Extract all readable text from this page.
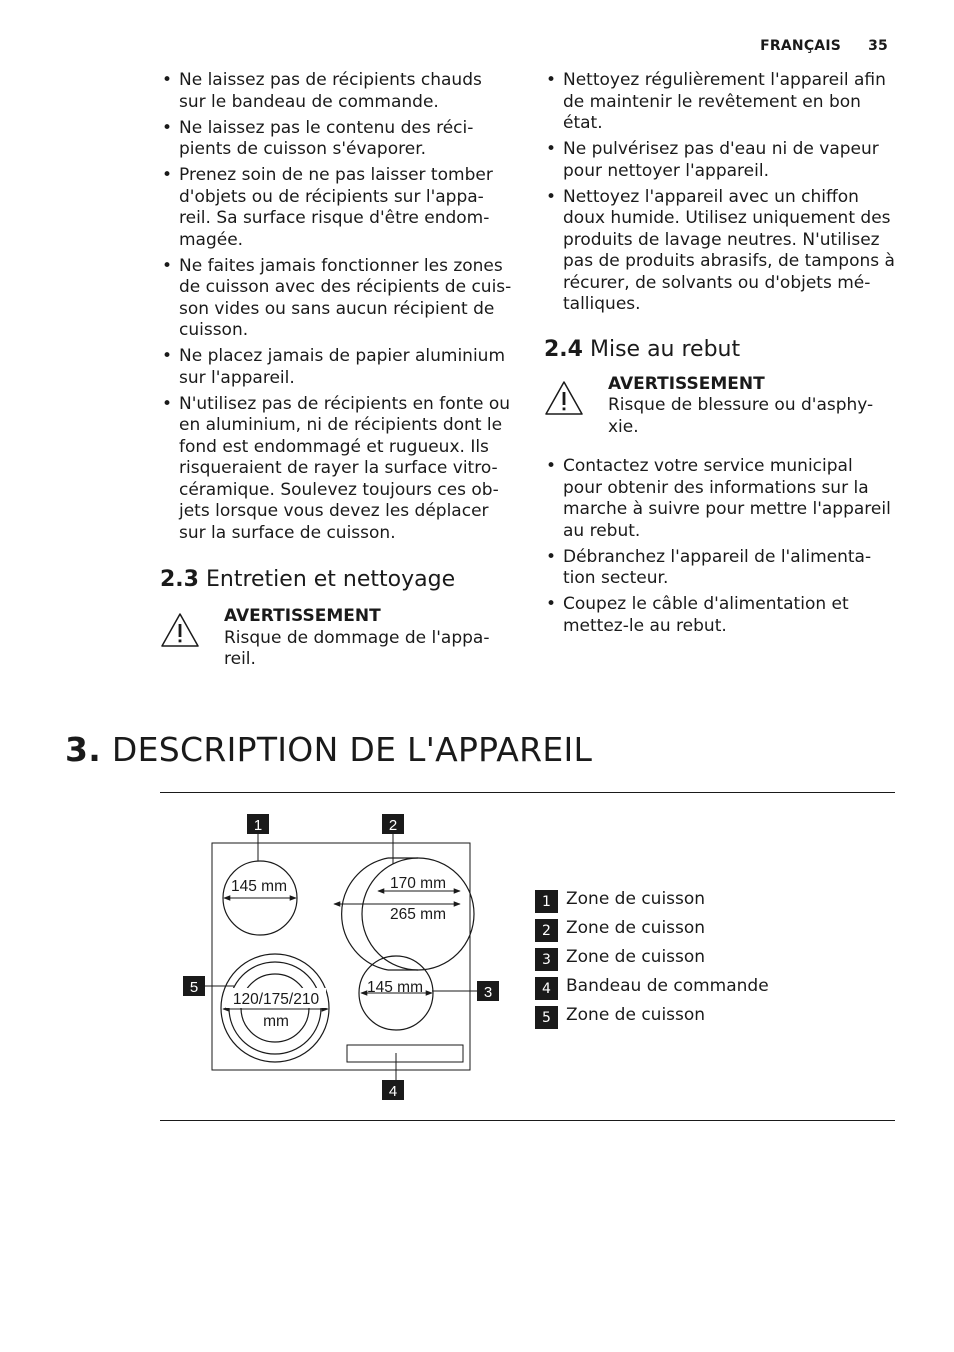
FRANÇAIS 35
• Ne laissez pas de récipients chauds sur le bandeau de commande.
• Ne laissez pas le contenu des réci-pients de cuisson s'évaporer.
• Prenez soin de ne pas laisser tomber d'objets ou de récipients sur l'appa-reil. Sa surface risque d'être endom-magée.
• Ne faites jamais fonctionner les zones de cuisson avec des récipients de cuis-son vides ou sans aucun récipient de cuisson.
• Ne placez jamais de papier aluminium sur l'appareil.
• N'utilisez pas de récipients en fonte ou en aluminium, ni de récipients dont le fond est endommagé et rugueux. Ils risqueraient de rayer la surface vitro-céramique. Soulevez toujours ces ob-jets lorsque vous devez les déplacer sur la surface de cuisson.
2.3 Entretien et nettoyage
AVERTISSEMENT
Risque de dommage de l'appa-reil.
• Nettoyez régulièrement l'appareil afin de maintenir le revêtement en bon état.
• Ne pulvérisez pas d'eau ni de vapeur pour nettoyer l'appareil.
• Nettoyez l'appareil avec un chiffon doux humide. Utilisez uniquement des produits de lavage neutres. N'utilisez pas de produits abrasifs, de tampons à récurer, de solvants ou d'objets mé-talliques.
2.4 Mise au rebut
AVERTISSEMENT
Risque de blessure ou d'asphy-xie.
• Contactez votre service municipal pour obtenir des informations sur la marche à suivre pour mettre l'appareil au rebut.
• Débranchez l'appareil de l'alimenta-tion secteur.
• Coupez le câble d'alimentation et mettez-le au rebut.
3. DESCRIPTION DE L'APPAREIL
145 mm	170 mm
265 mm
145 mm
120/175/210
mm
1	2
3
4
5
1 Zone de cuisson
2 Zone de cuisson
3 Zone de cuisson
4 Bandeau de commande
5 Zone de cuisson
